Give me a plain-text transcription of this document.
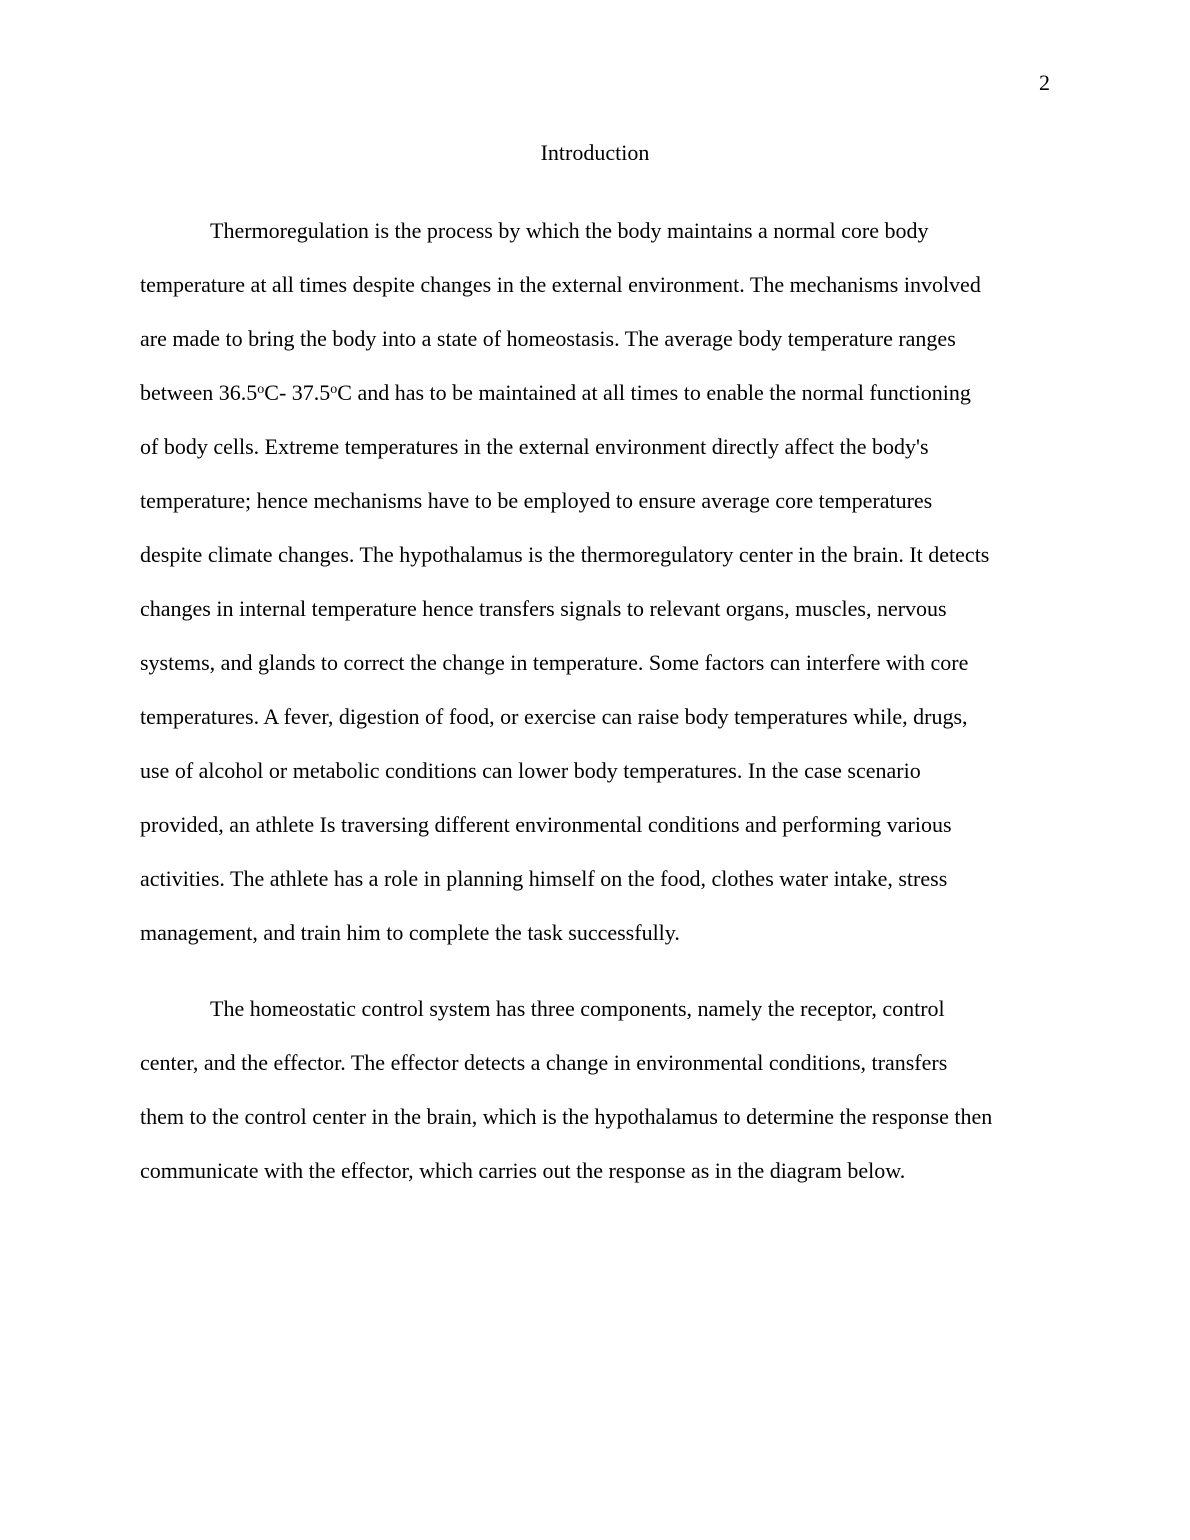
2
Introduction

Thermoregulation is the process by which the body maintains a normal core body
temperature at all times despite changes in the external environment. The mechanisms involved
are made to bring the body into a state of homeostasis. The average body temperature ranges
between 36.5$^o$C- 37.5$^o$C and has to be maintained at all times to enable the normal functioning
of body cells. Extreme temperatures in the external environment directly affect the body's
temperature; hence mechanisms have to be employed to ensure average core temperatures
despite climate changes. The hypothalamus is the thermoregulatory center in the brain. It detects
changes in internal temperature hence transfers signals to relevant organs, muscles, nervous
systems, and glands to correct the change in temperature. Some factors can interfere with core
temperatures. A fever, digestion of food, or exercise can raise body temperatures while, drugs,
use of alcohol or metabolic conditions can lower body temperatures. In the case scenario
provided, an athlete Is traversing different environmental conditions and performing various
activities. The athlete has a role in planning himself on the food, clothes water intake, stress
management, and train him to complete the task successfully.

The homeostatic control system has three components, namely the receptor, control
center, and the effector. The effector detects a change in environmental conditions, transfers
them to the control center in the brain, which is the hypothalamus to determine the response then
communicate with the effector, which carries out the response as in the diagram below.
